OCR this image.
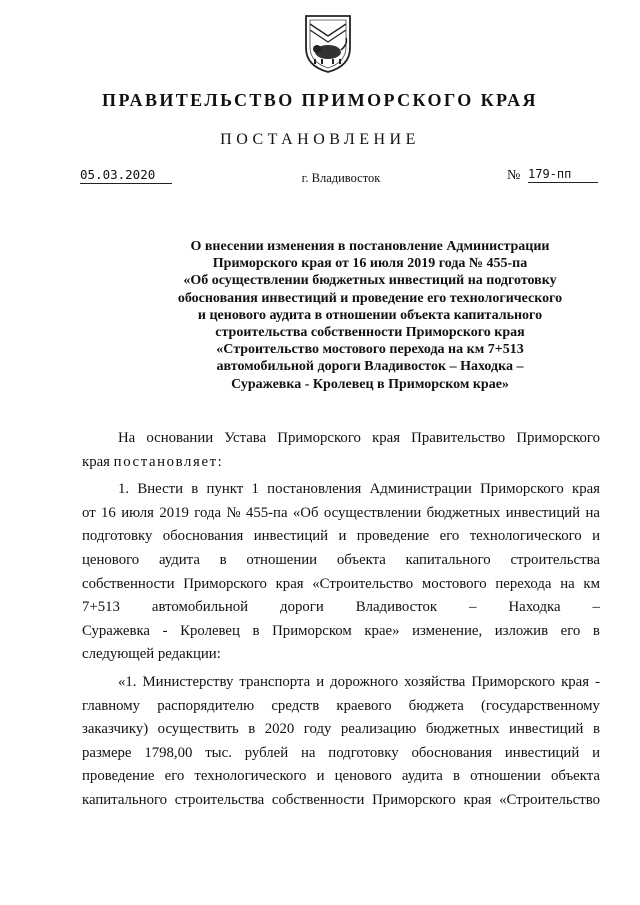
ПРАВИТЕЛЬСТВО ПРИМОРСКОГО КРАЯ
ПОСТАНОВЛЕНИЕ
05.03.2020	г. Владивосток	№ 179-пп
О внесении изменения в постановление Администрации
Приморского края от 16 июля 2019 года № 455-па
«Об осуществлении бюджетных инвестиций на подготовку
обоснования инвестиций и проведение его технологического
и ценового аудита в отношении объекта капитального
строительства собственности Приморского края
«Строительство мостового перехода на км 7+513
автомобильной дороги Владивосток – Находка –
Суражевка - Кролевец в Приморском крае»
На основании Устава Приморского края Правительство Приморского
края
постановляет:
1. Внести в пункт 1 постановления Администрации Приморского края
от 16 июля 2019 года № 455-па «Об осуществлении бюджетных инвестиций на
подготовку обоснования инвестиций и проведение его технологического и
ценового аудита в отношении объекта капитального строительства
собственности Приморского края «Строительство мостового перехода на км
7+513 автомобильной дороги Владивосток – Находка –
Суражевка - Кролевец в Приморском крае» изменение, изложив его в
следующей редакции:
«1. Министерству транспорта и дорожного хозяйства Приморского края -
главному распорядителю средств краевого бюджета (государственному
заказчику) осуществить в 2020 году реализацию бюджетных инвестиций в
размере 1798,00 тыс. рублей на подготовку обоснования инвестиций и
проведение его технологического и ценового аудита в отношении объекта
капитального строительства собственности Приморского края «Строительство
